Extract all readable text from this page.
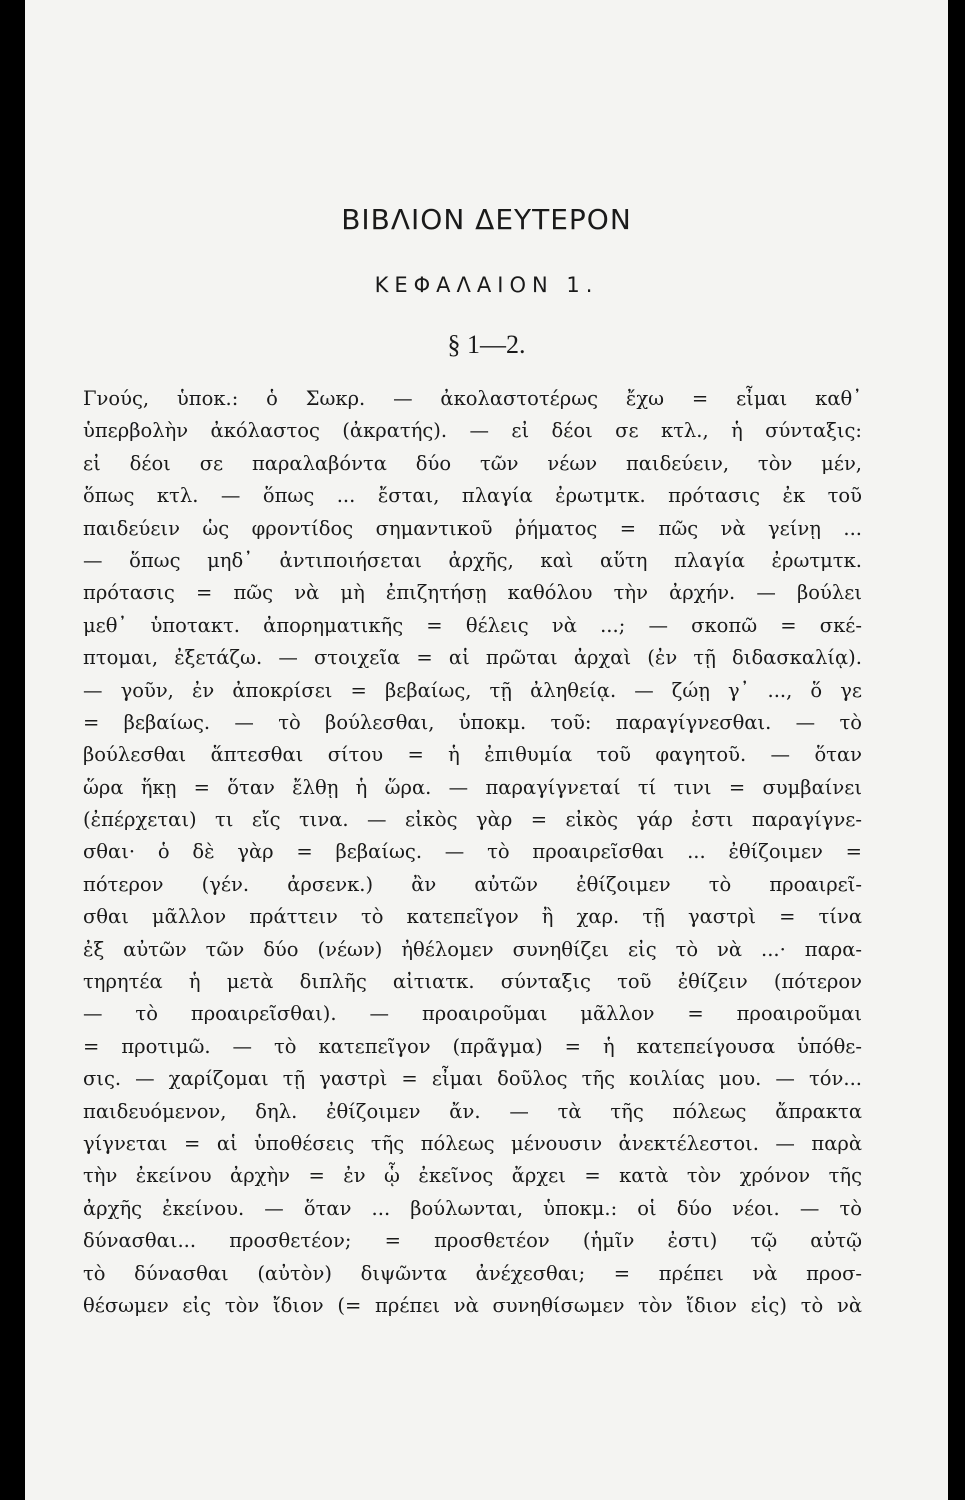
ΒΙΒΛΙΟΝ ΔΕΥΤΕΡΟΝ
ΚΕΦΑΛΑΙΟΝ 1.
§ 1—2.
Γνούς, ὑποκ.: ὁ Σωκρ. — ἀκολαστοτέρως ἔχω = εἶμαι καθ᾽
ὑπερβολὴν ἀκόλαστος (ἀκρατής). — εἰ δέοι σε κτλ., ἡ σύνταξις:
εἰ δέοι σε παραλαβόντα δύο τῶν νέων παιδεύειν, τὸν μέν,
ὅπως κτλ. — ὅπως ... ἔσται, πλαγία ἐρωτμτκ. πρότασις ἐκ τοῦ
παιδεύειν ὡς φροντίδος σημαντικοῦ ῥήματος = πῶς νὰ γείνῃ ...
— ὅπως μηδ᾽ ἀντιποιήσεται ἀρχῆς, καὶ αὕτη πλαγία ἐρωτμτκ.
πρότασις = πῶς νὰ μὴ ἐπιζητήσῃ καθόλου τὴν ἀρχήν. — βούλει
μεθ᾽ ὑποτακτ. ἀπορηματικῆς = θέλεις νὰ ...; — σκοπῶ = σκέ-
πτομαι, ἐξετάζω. — στοιχεῖα = αἱ πρῶται ἀρχαὶ (ἐν τῇ διδασκαλίᾳ).
— γοῦν, ἐν ἀποκρίσει = βεβαίως, τῇ ἀληθείᾳ. — ζώῃ γ᾽ ..., ὅ γε
= βεβαίως. — τὸ βούλεσθαι, ὑποκμ. τοῦ: παραγίγνεσθαι. — τὸ
βούλεσθαι ἅπτεσθαι σίτου = ἡ ἐπιθυμία τοῦ φαγητοῦ. — ὅταν
ὥρα ἥκῃ = ὅταν ἔλθῃ ἡ ὥρα. — παραγίγνεταί τί τινι = συμβαίνει
(ἐπέρχεται) τι εἴς τινα. — εἰκὸς γὰρ = εἰκὸς γάρ ἐστι παραγίγνε-
σθαι· ὁ δὲ γὰρ = βεβαίως. — τὸ προαιρεῖσθαι ... ἐθίζοιμεν =
πότερον (γέν. ἀρσενκ.) ἂν αὐτῶν ἐθίζοιμεν τὸ προαιρεῖ-
σθαι μᾶλλον πράττειν τὸ κατεπεῖγον ἢ χαρ. τῇ γαστρὶ = τίνα
ἐξ αὐτῶν τῶν δύο (νέων) ἠθέλομεν συνηθίζει εἰς τὸ νὰ ...· παρα-
τηρητέα ἡ μετὰ διπλῆς αἰτιατκ. σύνταξις τοῦ ἐθίζειν (πότερον
— τὸ προαιρεῖσθαι). — προαιροῦμαι μᾶλλον = προαιροῦμαι
= προτιμῶ. — τὸ κατεπεῖγον (πρᾶγμα) = ἡ κατεπείγουσα ὑπόθε-
σις. — χαρίζομαι τῇ γαστρὶ = εἶμαι δοῦλος τῆς κοιλίας μου. — τόν...
παιδευόμενον, δηλ. ἐθίζοιμεν ἄν. — τὰ τῆς πόλεως ἄπρακτα
γίγνεται = αἱ ὑποθέσεις τῆς πόλεως μένουσιν ἀνεκτέλεστοι. — παρὰ
τὴν ἐκείνου ἀρχὴν = ἐν ᾧ ἐκεῖνος ἄρχει = κατὰ τὸν χρόνον τῆς
ἀρχῆς ἐκείνου. — ὅταν ... βούλωνται, ὑποκμ.: οἱ δύο νέοι. — τὸ
δύνασθαι... προσθετέον; = προσθετέον (ἡμῖν ἐστι) τῷ αὐτῷ
τὸ δύνασθαι (αὐτὸν) διψῶντα ἀνέχεσθαι; = πρέπει νὰ προσ-
θέσωμεν εἰς τὸν ἴδιον (= πρέπει νὰ συνηθίσωμεν τὸν ἴδιον εἰς) τὸ νὰ
